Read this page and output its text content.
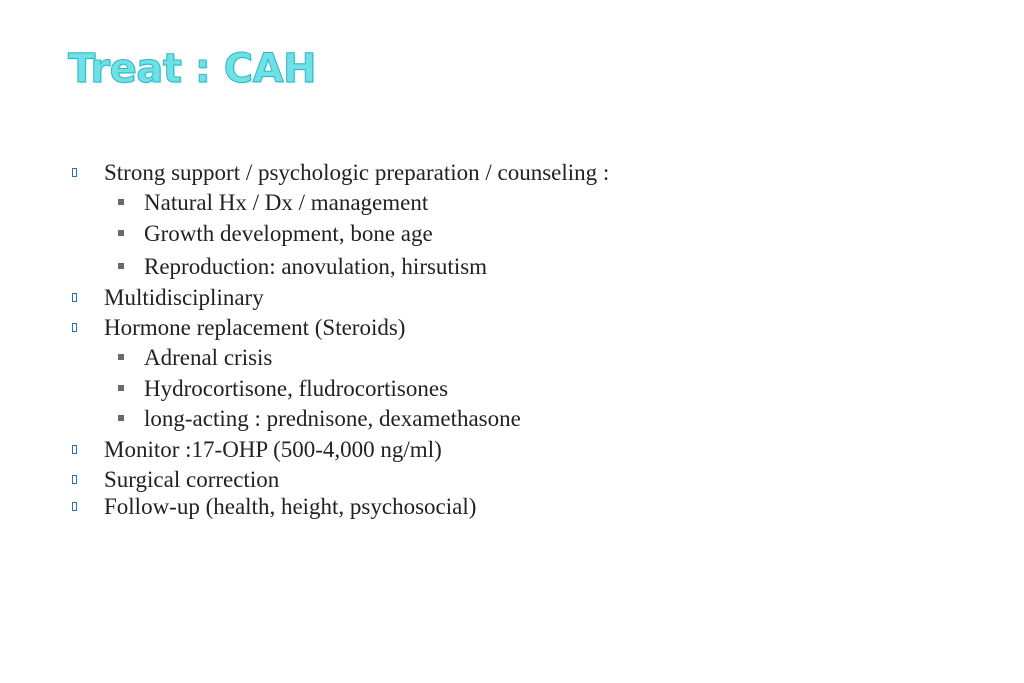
Treat : CAH
Strong support / psychologic preparation / counseling :
Natural Hx / Dx / management
Growth development, bone age
Reproduction: anovulation, hirsutism
Multidisciplinary
Hormone replacement (Steroids)
Adrenal crisis
Hydrocortisone, fludrocortisones
long-acting : prednisone, dexamethasone
Monitor :17-OHP (500-4,000 ng/ml)
Surgical correction
Follow-up (health, height, psychosocial)
